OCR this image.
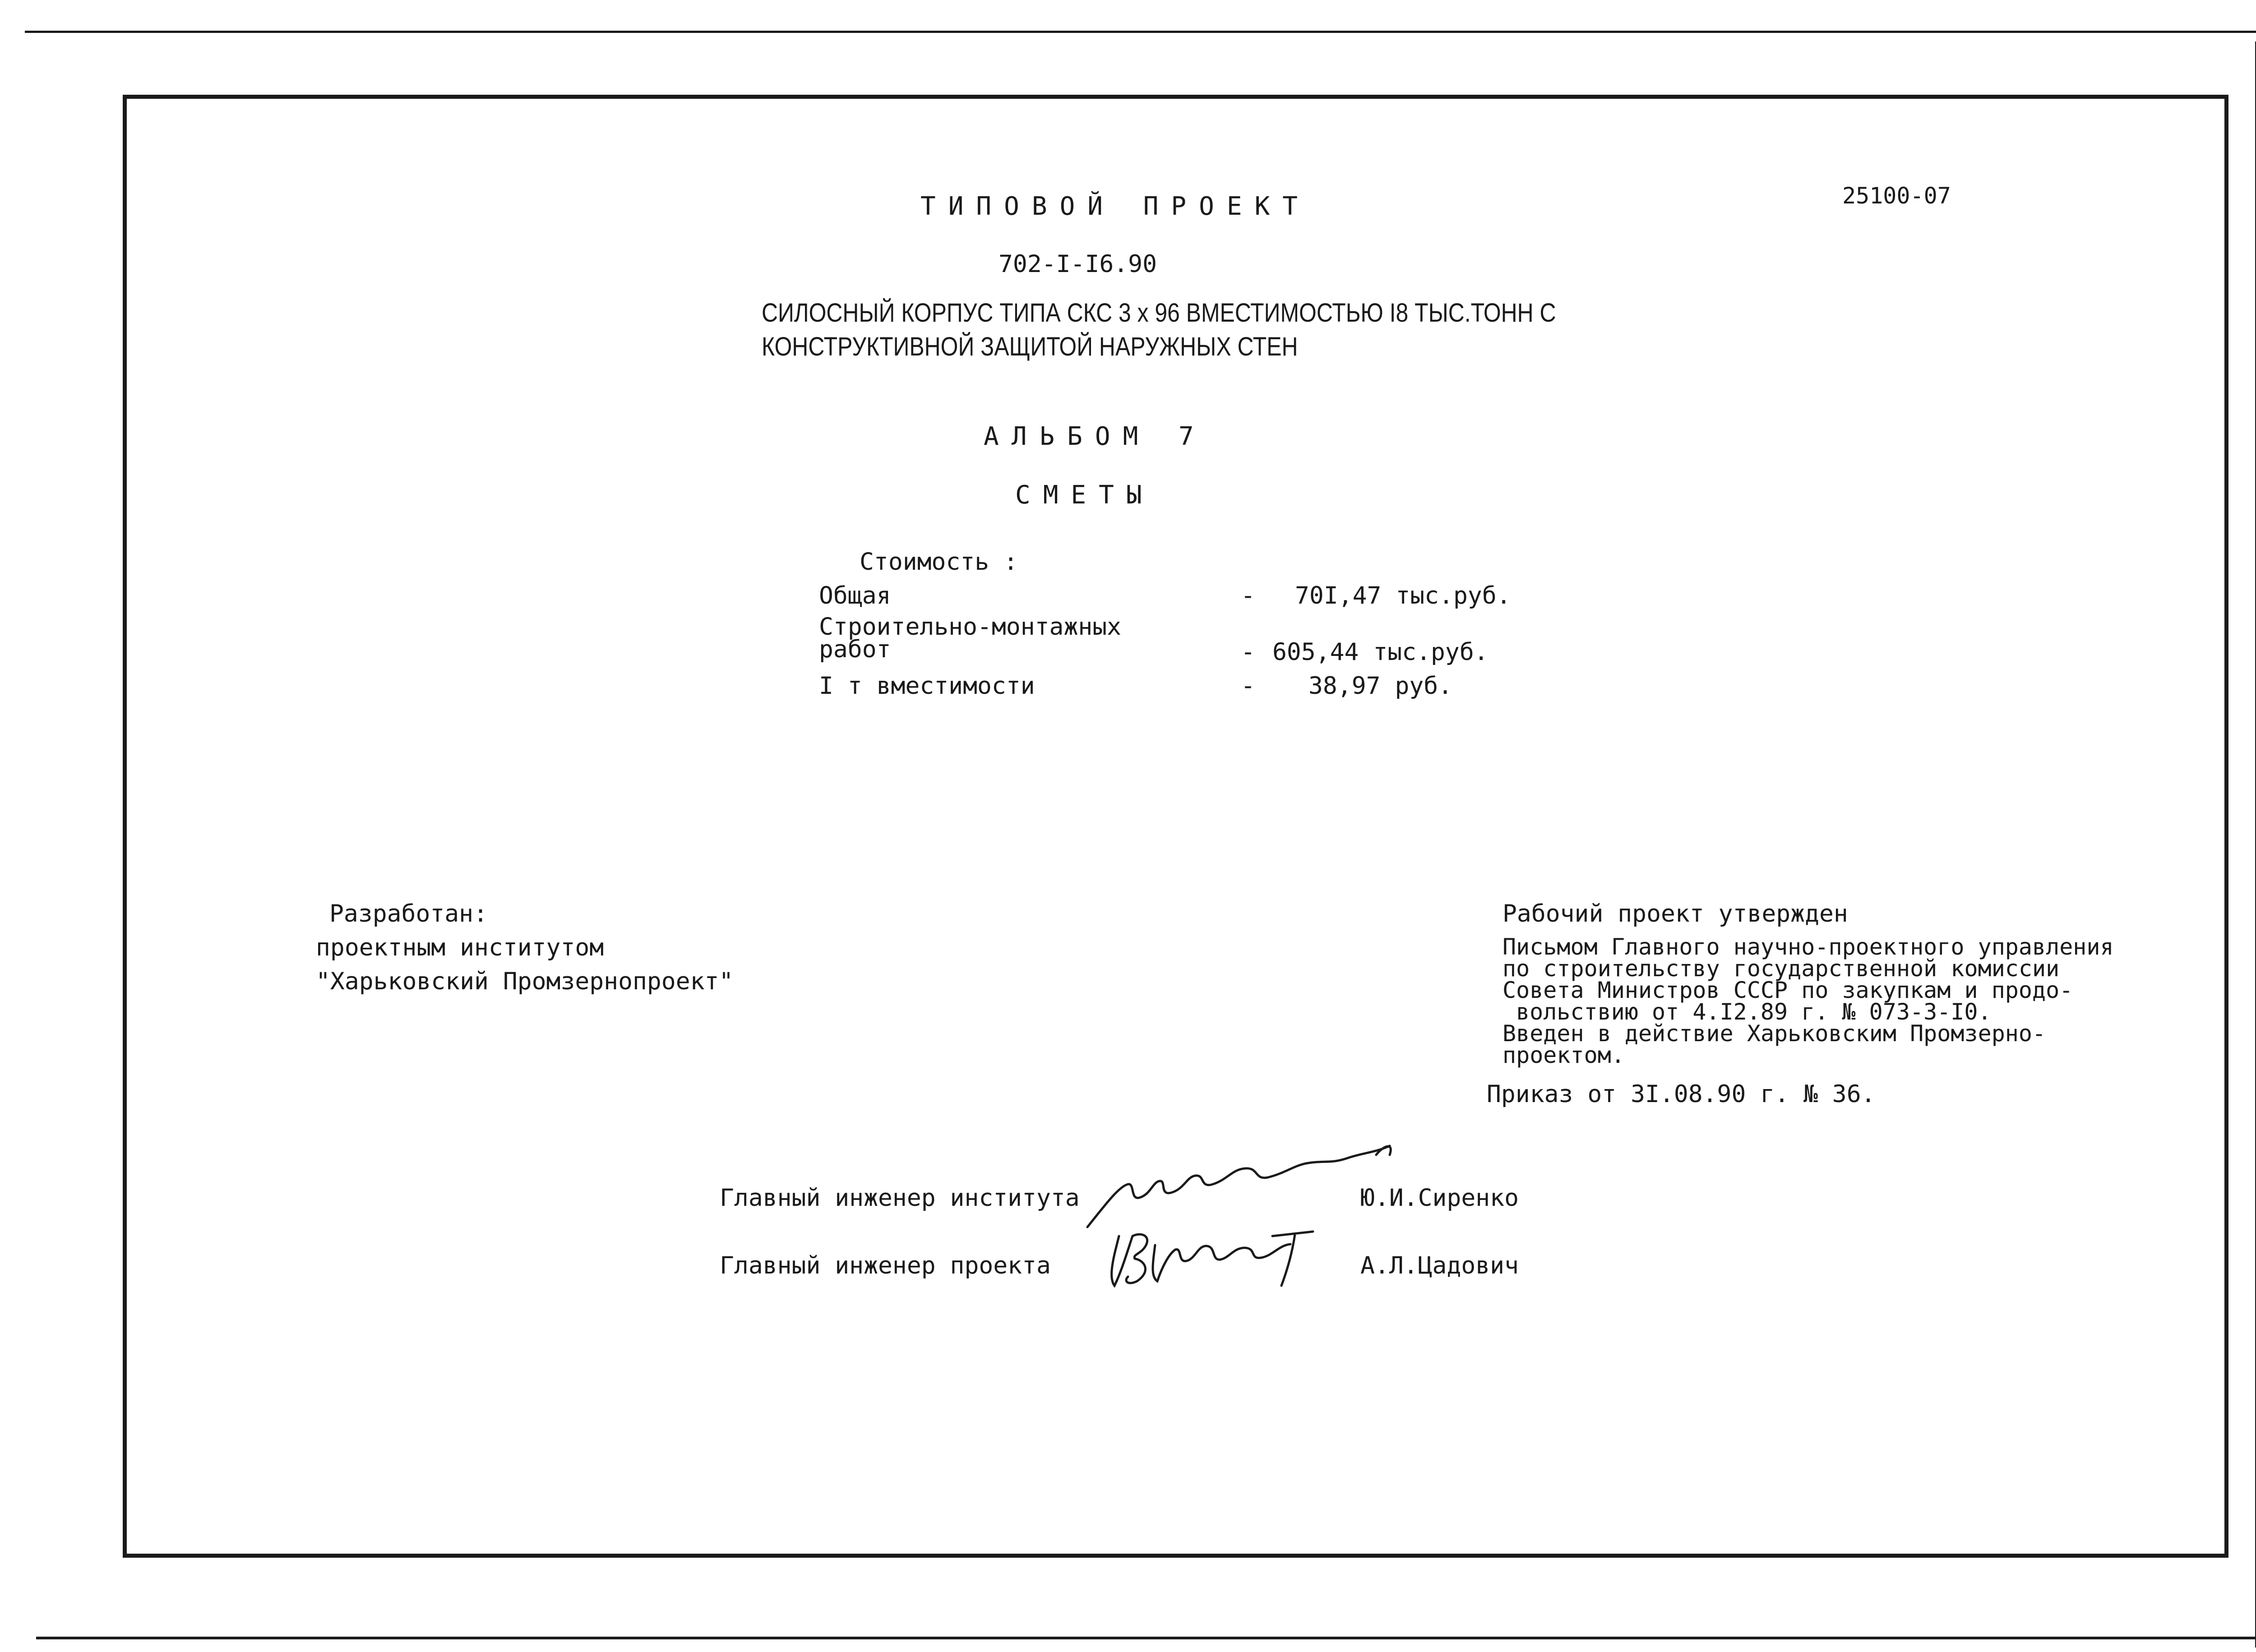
ТИПОВОЙ ПРОЕКТ	25100-07
702-I-I6.90
СИЛОСНЫЙ КОРПУС ТИПА СКС 3 х 96 ВМЕСТИМОСТЬЮ I8 ТЫС.ТОНН С
КОНСТРУКТИВНОЙ ЗАЩИТОЙ НАРУЖНЫХ СТЕН
АЛЬБОМ 7
СМЕТЫ
Стоимость :
Общая	- 70I,47 тыс.руб.
Строительно-монтажных
работ	- 605,44 тыс.руб.
I т вместимости	- 38,97 руб.
Разработан:
проектным институтом
"Харьковский Промзернопроект"
Рабочий проект утвержден
Письмом Главного научно-проектного управления
по строительству государственной комиссии
Совета Министров СССР по закупкам и продо-
вольствию от 4.I2.89 г. № 073-3-I0.
Введен в действие Харьковским Промзерно-
проектом.
Приказ от 3I.08.90 г. № 36.
Главный инженер института	Ю.И.Сиренко
Главный инженер проекта	А.Л.Цадович
